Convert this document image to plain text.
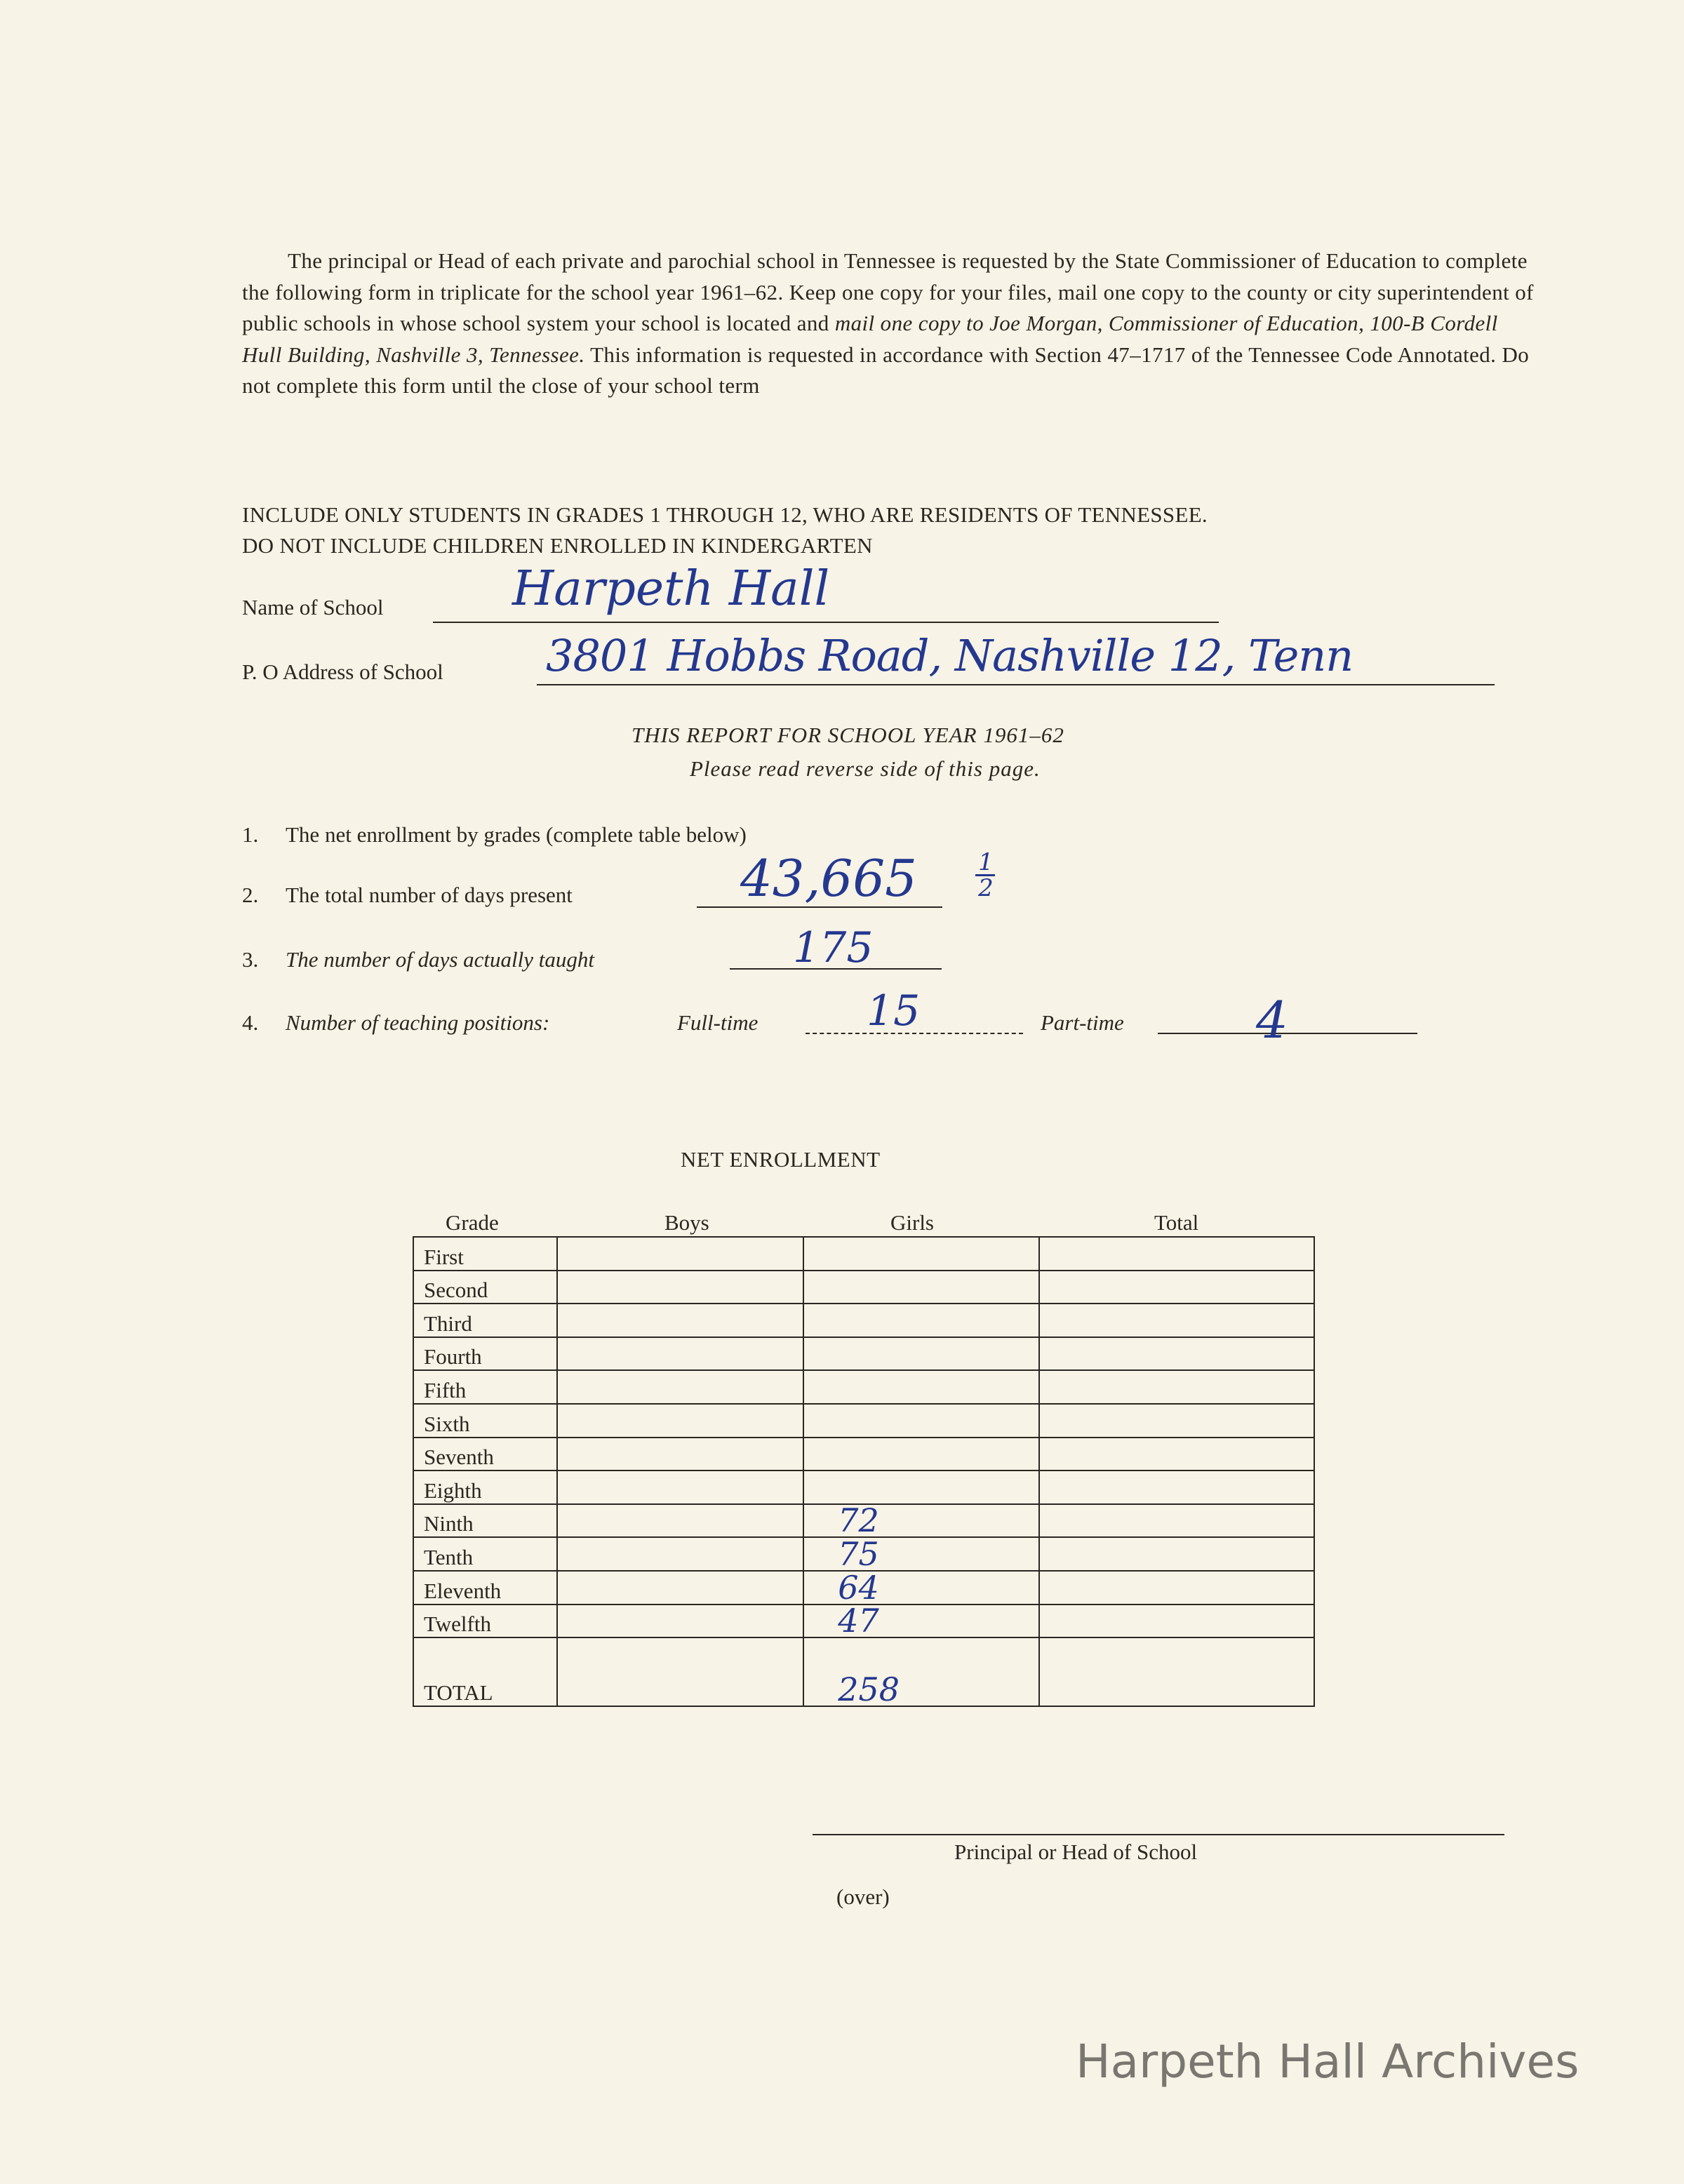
The principal or Head of each private and parochial school in Tennessee is requested by the State Commissioner of Education to complete the following form in triplicate for the school year 1961–62. Keep one copy for your files, mail one copy to the county or city superintendent of public schools in whose school system your school is located and mail one copy to Joe Morgan, Commissioner of Education, 100-B Cordell Hull Building, Nashville 3, Tennessee. This information is requested in accordance with Section 47–1717 of the Tennessee Code Annotated. Do not complete this form until the close of your school term

INCLUDE ONLY STUDENTS IN GRADES 1 THROUGH 12, WHO ARE RESIDENTS OF TENNESSEE.
DO NOT INCLUDE CHILDREN ENROLLED IN KINDERGARTEN
Name of School	Harpeth Hall
P. O Address of School 3801 Hobbs Road, Nashville 12, Tenn
THIS REPORT FOR SCHOOL YEAR 1961–62
Please read reverse side of this page.
1. The net enrollment by grades (complete table below)
2. The total number of days present	43,665	1
2
3. The number of days actually taught	175
4. Number of teaching positions:	Full-time	15	Part-time	4
NET ENROLLMENT
Grade	Boys	Girls	Total
First	

Second	

Third	

Fourth	

Fifth	

Sixth	

Seventh	

Eighth	

Ninth		72	

Tenth		75	

Eleventh		64	

Twelfth		47	

TOTAL		258	

Principal or Head of School
(over)
Harpeth Hall Archives
